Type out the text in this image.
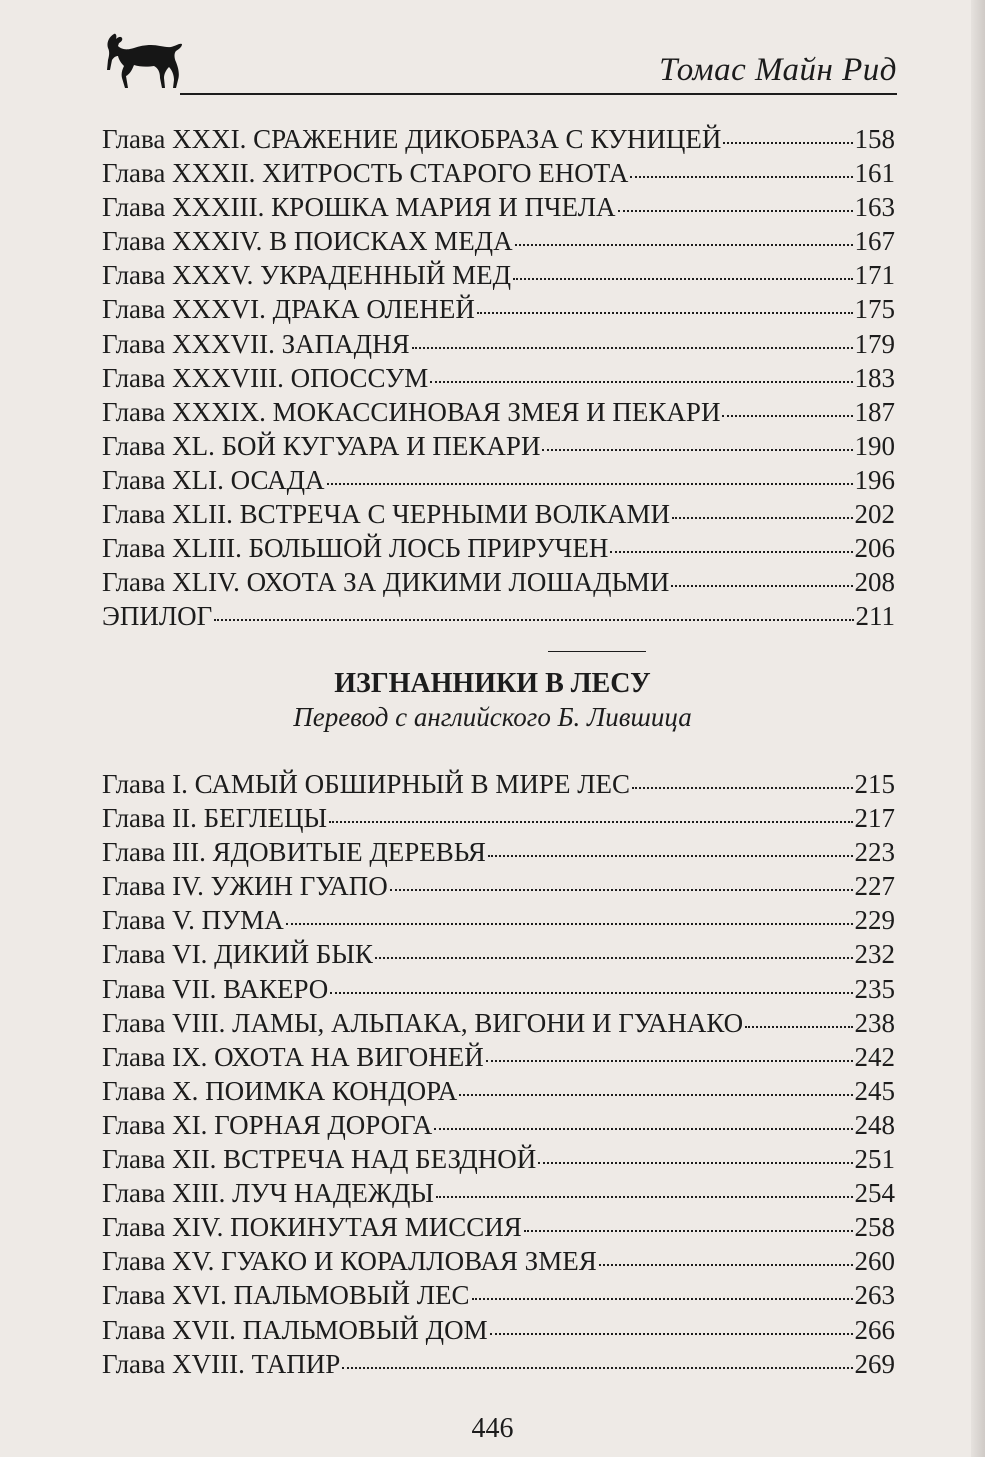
Томас Майн Рид
Глава XXXI. СРАЖЕНИЕ ДИКОБРАЗА С КУНИЦЕЙ	158
Глава XXXII. ХИТРОСТЬ СТАРОГО ЕНОТА	161
Глава XXXIII. КРОШКА МАРИЯ И ПЧЕЛА	163
Глава XXXIV. В ПОИСКАХ МЕДА	167
Глава XXXV. УКРАДЕННЫЙ МЕД	171
Глава XXXVI. ДРАКА ОЛЕНЕЙ	175
Глава XXXVII. ЗАПАДНЯ	179
Глава XXXVIII. ОПОССУМ	183
Глава XXXIX. МОКАССИНОВАЯ ЗМЕЯ И ПЕКАРИ	187
Глава XL. БОЙ КУГУАРА И ПЕКАРИ	190
Глава XLI. ОСАДА	196
Глава XLII. ВСТРЕЧА С ЧЕРНЫМИ ВОЛКАМИ	202
Глава XLIII. БОЛЬШОЙ ЛОСЬ ПРИРУЧЕН	206
Глава XLIV. ОХОТА ЗА ДИКИМИ ЛОШАДЬМИ	208
ЭПИЛОГ	211
ИЗГНАННИКИ В ЛЕСУ
Перевод с английского Б. Лившица
Глава I. САМЫЙ ОБШИРНЫЙ В МИРЕ ЛЕС	215
Глава II. БЕГЛЕЦЫ	217
Глава III. ЯДОВИТЫЕ ДЕРЕВЬЯ	223
Глава IV. УЖИН ГУАПО	227
Глава V. ПУМА	229
Глава VI. ДИКИЙ БЫК	232
Глава VII. ВАКЕРО	235
Глава VIII. ЛАМЫ, АЛЬПАКА, ВИГОНИ И ГУАНАКО	238
Глава IX. ОХОТА НА ВИГОНЕЙ	242
Глава X. ПОИМКА КОНДОРА	245
Глава XI. ГОРНАЯ ДОРОГА	248
Глава XII. ВСТРЕЧА НАД БЕЗДНОЙ	251
Глава XIII. ЛУЧ НАДЕЖДЫ	254
Глава XIV. ПОКИНУТАЯ МИССИЯ	258
Глава XV. ГУАКО И КОРАЛЛОВАЯ ЗМЕЯ	260
Глава XVI. ПАЛЬМОВЫЙ ЛЕС	263
Глава XVII. ПАЛЬМОВЫЙ ДОМ	266
Глава XVIII. ТАПИР	269
446
